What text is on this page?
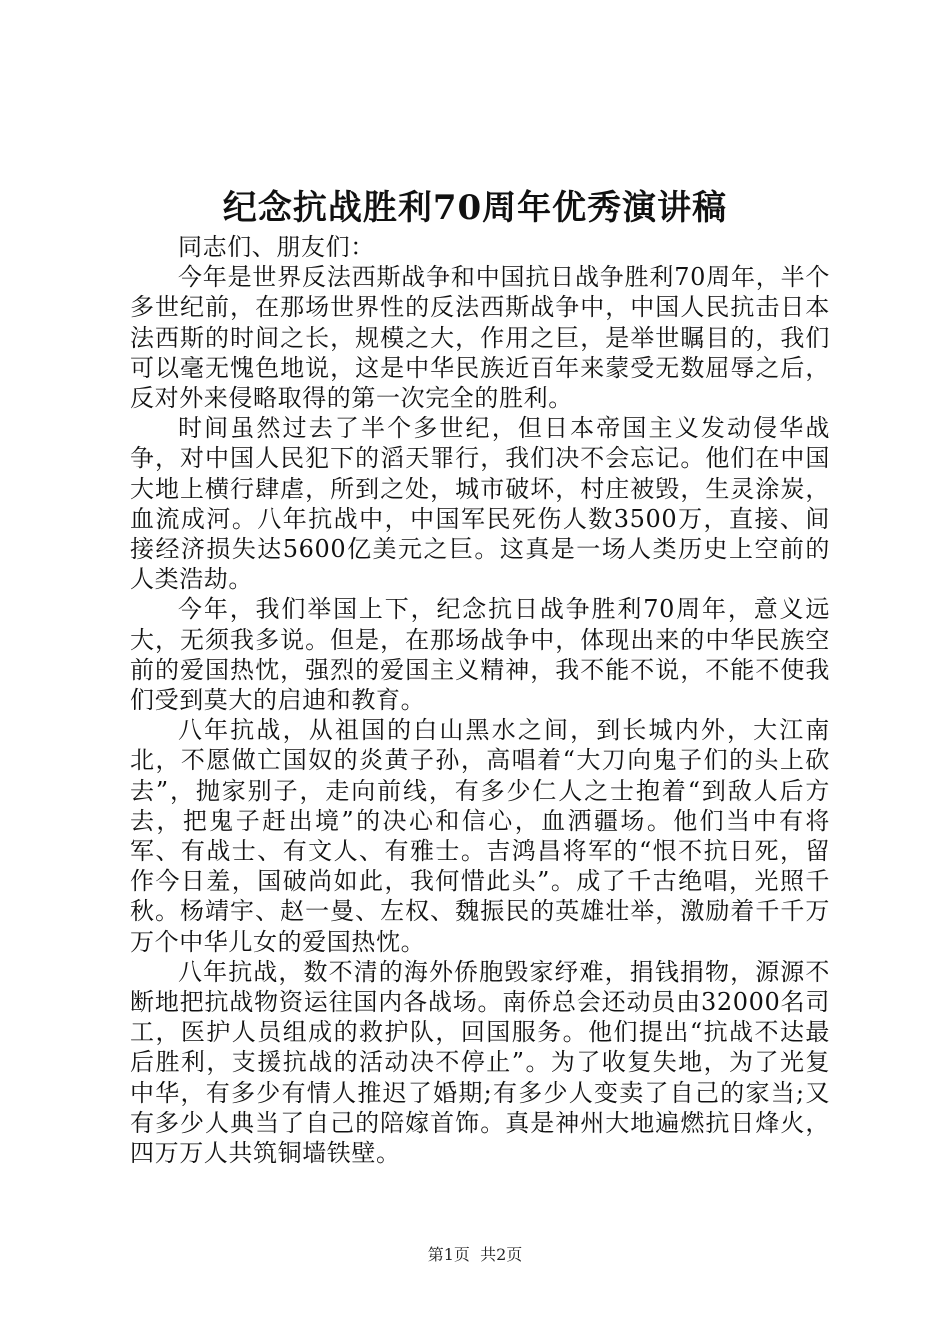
纪念抗战胜利70周年优秀演讲稿

同志们、朋友们：

今年是世界反法西斯战争和中国抗日战争胜利70周年，半个多世纪前，在那场世界性的反法西斯战争中，中国人民抗击日本法西斯的时间之长，规模之大，作用之巨，是举世瞩目的，我们可以毫无愧色地说，这是中华民族近百年来蒙受无数屈辱之后，反对外来侵略取得的第一次完全的胜利。

时间虽然过去了半个多世纪，但日本帝国主义发动侵华战争，对中国人民犯下的滔天罪行，我们决不会忘记。他们在中国大地上横行肆虐，所到之处，城市破坏，村庄被毁，生灵涂炭，血流成河。八年抗战中，中国军民死伤人数3500万，直接、间接经济损失达5600亿美元之巨。这真是一场人类历史上空前的人类浩劫。

今年，我们举国上下，纪念抗日战争胜利70周年，意义远大，无须我多说。但是，在那场战争中，体现出来的中华民族空前的爱国热忱，强烈的爱国主义精神，我不能不说，不能不使我们受到莫大的启迪和教育。

八年抗战，从祖国的白山黑水之间，到长城内外，大江南北，不愿做亡国奴的炎黄子孙，高唱着“大刀向鬼子们的头上砍去”，抛家别子，走向前线，有多少仁人之士抱着“到敌人后方去，把鬼子赶出境”的决心和信心，血洒疆场。他们当中有将军、有战士、有文人、有雅士。吉鸿昌将军的“恨不抗日死，留作今日羞，国破尚如此，我何惜此头”。成了千古绝唱，光照千秋。杨靖宇、赵一曼、左权、魏振民的英雄壮举，激励着千千万万个中华儿女的爱国热忱。

八年抗战，数不清的海外侨胞毁家纾难，捐钱捐物，源源不断地把抗战物资运往国内各战场。南侨总会还动员由32000名司工，医护人员组成的救护队，回国服务。他们提出“抗战不达最后胜利，支援抗战的活动决不停止”。为了收复失地，为了光复中华，有多少有情人推迟了婚期;有多少人变卖了自己的家当;又有多少人典当了自己的陪嫁首饰。真是神州大地遍燃抗日烽火，四万万人共筑铜墙铁壁。

第1页 共2页
